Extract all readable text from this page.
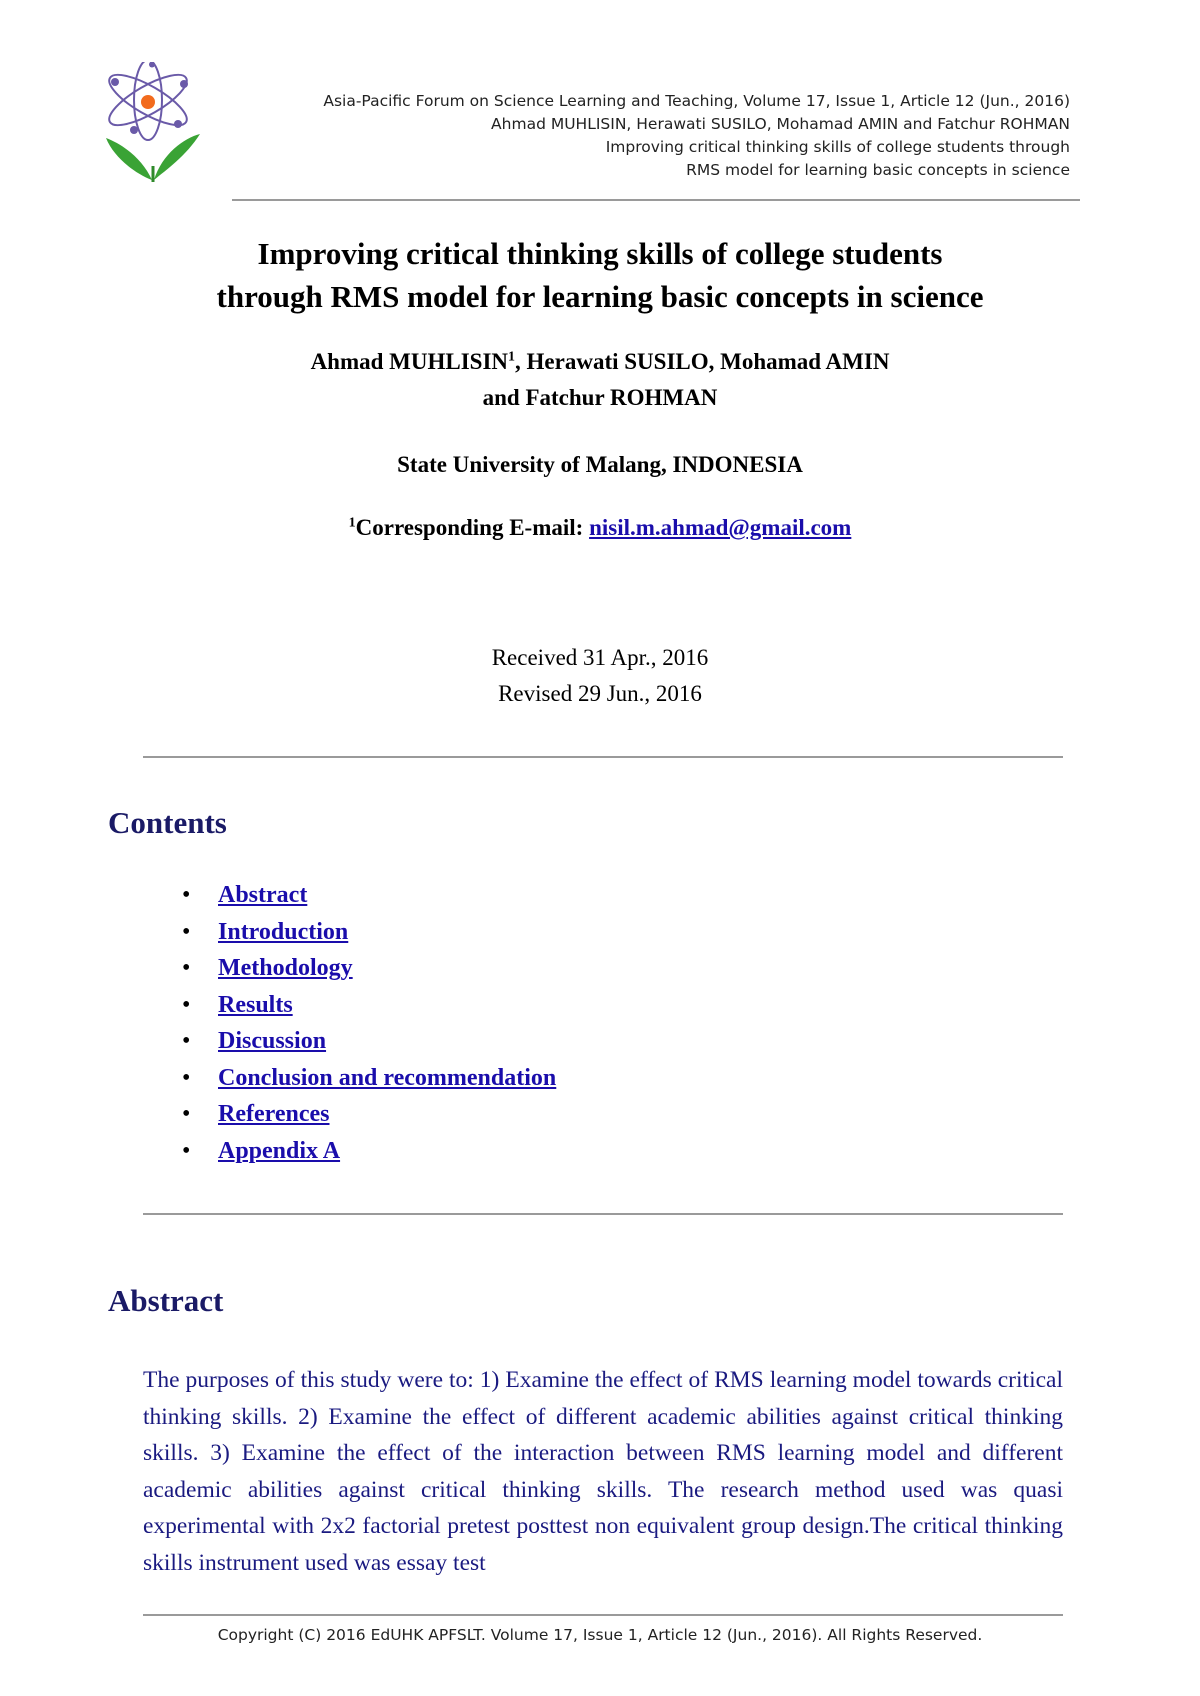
Asia-Pacific Forum on Science Learning and Teaching, Volume 17, Issue 1, Article 12 (Jun., 2016)
Ahmad MUHLISIN, Herawati SUSILO, Mohamad AMIN and Fatchur ROHMAN
Improving critical thinking skills of college students through
RMS model for learning basic concepts in science
Improving critical thinking skills of college students
through RMS model for learning basic concepts in science
Ahmad MUHLISIN$^1$, Herawati SUSILO, Mohamad AMIN
and Fatchur ROHMAN
State University of Malang, INDONESIA
$^1$Corresponding E-mail: nisil.m.ahmad@gmail.com
Received 31 Apr., 2016
Revised 29 Jun., 2016
Contents
• Abstract
• Introduction
• Methodology
• Results
• Discussion
• Conclusion and recommendation
• References
• Appendix A
Abstract
The purposes of this study were to: 1) Examine the effect of RMS learning model towards critical thinking skills. 2) Examine the effect of different academic abilities against critical thinking skills. 3) Examine the effect of the interaction between RMS learning model and different academic abilities against critical thinking skills. The research method used was quasi experimental with 2x2 factorial pretest posttest non equivalent group design.The critical thinking skills instrument used was essay test
Copyright (C) 2016 EdUHK APFSLT. Volume 17, Issue 1, Article 12 (Jun., 2016). All Rights Reserved.
